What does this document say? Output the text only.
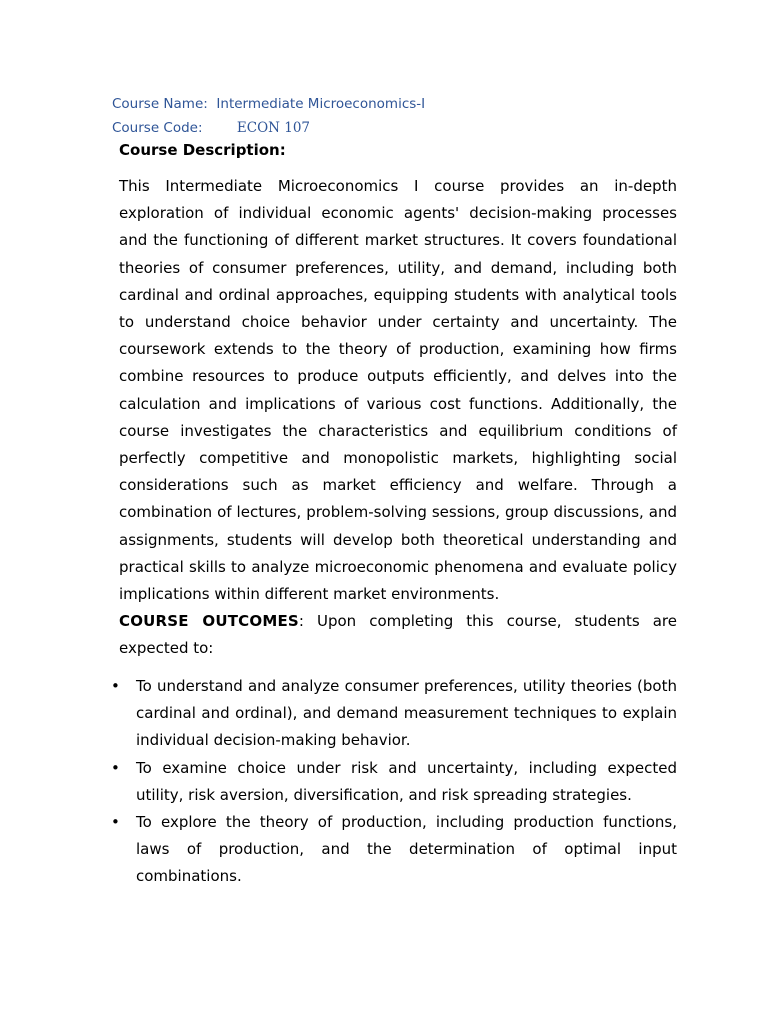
Course Name: Intermediate Microeconomics-I
Course Code:	ECON 107
Course Description:
This Intermediate Microeconomics I course provides an in-depth exploration of individual economic agents' decision-making processes and the functioning of different market structures. It covers foundational theories of consumer preferences, utility, and demand, including both cardinal and ordinal approaches, equipping students with analytical tools to understand choice behavior under certainty and uncertainty. The coursework extends to the theory of production, examining how firms combine resources to produce outputs efficiently, and delves into the calculation and implications of various cost functions. Additionally, the course investigates the characteristics and equilibrium conditions of perfectly competitive and monopolistic markets, highlighting social considerations such as market efficiency and welfare. Through a combination of lectures, problem-solving sessions, group discussions, and assignments, students will develop both theoretical understanding and practical skills to analyze microeconomic phenomena and evaluate policy implications within different market environments.
COURSE OUTCOMES: Upon completing this course, students are expected to:
• To understand and analyze consumer preferences, utility theories (both cardinal and ordinal), and demand measurement techniques to explain individual decision-making behavior.
• To examine choice under risk and uncertainty, including expected utility, risk aversion, diversification, and risk spreading strategies.
• To explore the theory of production, including production functions, laws of production, and the determination of optimal input combinations.
